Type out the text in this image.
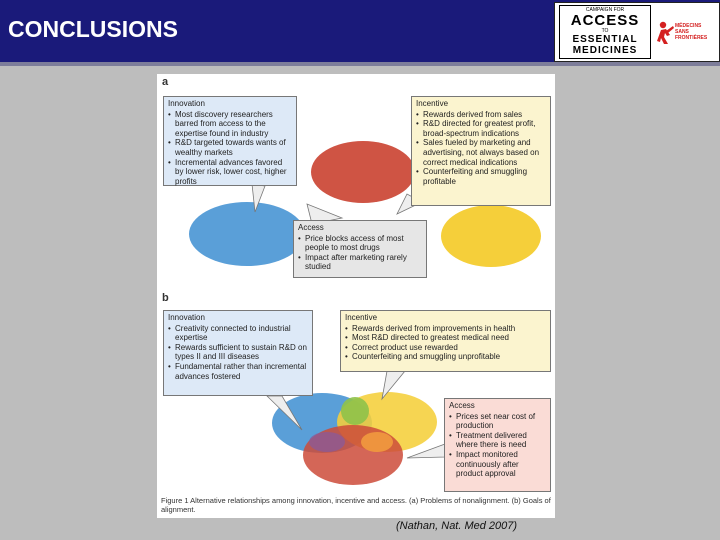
CONCLUSIONS
CAMPAIGN FOR
ACCESS
TO
ESSENTIAL
MEDICINES
MÉDECINS SANS FRONTIÈRES
a
Innovation
• Most discovery researchers barred from access to the expertise found in industry
• R&D targeted towards wants of wealthy markets
• Incremental advances favored by lower risk, lower cost, higher profits
Incentive
• Rewards derived from sales
• R&D directed for greatest profit, broad-spectrum indications
• Sales fueled by marketing and advertising, not always based on correct medical indications
• Counterfeiting and smuggling profitable
Access
• Price blocks access of most people to most drugs
• Impact after marketing rarely studied
b
Innovation
• Creativity connected to industrial expertise
• Rewards sufficient to sustain R&D on types II and III diseases
• Fundamental rather than incremental advances fostered
Incentive
• Rewards derived from improvements in health
• Most R&D directed to greatest medical need
• Correct product use rewarded
• Counterfeiting and smuggling unprofitable
Access
• Prices set near cost of production
• Treatment delivered where there is need
• Impact monitored continuously after product approval
Figure 1 Alternative relationships among innovation, incentive and access. (a) Problems of nonalignment. (b) Goals of alignment.
(Nathan, Nat. Med 2007)
